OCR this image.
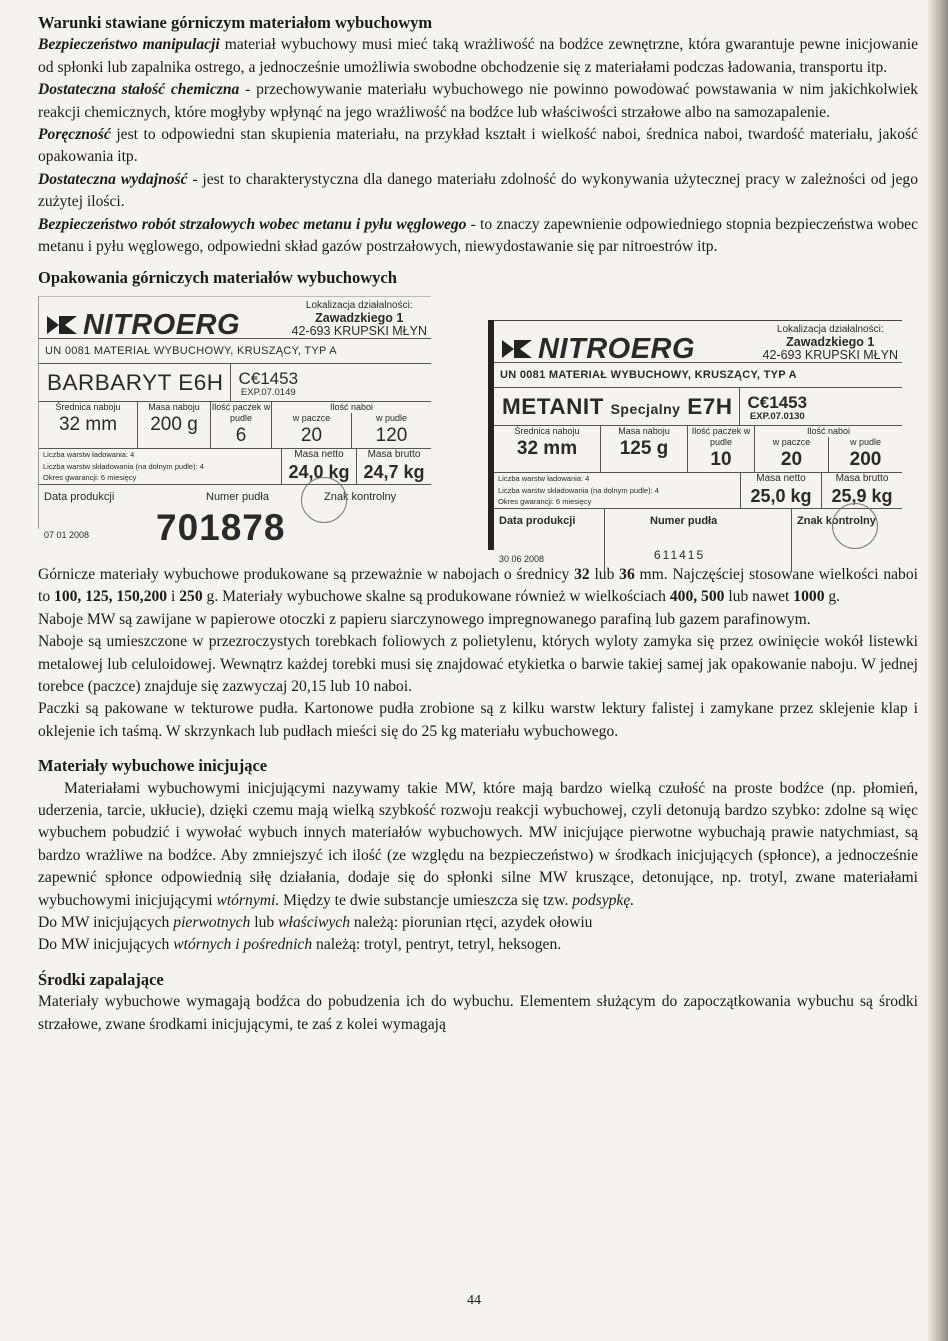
Warunki stawiane górniczym materiałom wybuchowym

Bezpieczeństwo manipulacji materiał wybuchowy musi mieć taką wrażliwość na bodźce zewnętrzne, która gwarantuje pewne inicjowanie od spłonki lub zapalnika ostrego, a jednocześnie umożliwia swobodne obchodzenie się z materiałami podczas ładowania, transportu itp.

Dostateczna stałość chemiczna - przechowywanie materiału wybuchowego nie powinno powodować powstawania w nim jakichkolwiek reakcji chemicznych, które mogłyby wpłynąć na jego wrażliwość na bodźce lub właściwości strzałowe albo na samozapalenie.

Poręczność jest to odpowiedni stan skupienia materiału, na przykład kształt i wielkość naboi, średnica naboi, twardość materiału, jakość opakowania itp.

Dostateczna wydajność - jest to charakterystyczna dla danego materiału zdolność do wykonywania użytecznej pracy w zależności od jego zużytej ilości.

Bezpieczeństwo robót strzałowych wobec metanu i pyłu węglowego - to znaczy zapewnienie odpowiedniego stopnia bezpieczeństwa wobec metanu i pyłu węglowego, odpowiedni skład gazów postrzałowych, niewydostawanie się par nitroestrów itp.

Opakowania górniczych materiałów wybuchowych

NITROERG
Lokalizacja działalności:
Zawadzkiego 1
42-693 KRUPSKI MŁYN
UN 0081 MATERIAŁ WYBUCHOWY, KRUSZĄCY, TYP A
BARBARYT E6H C€1453
EXP.07.0149
Średnica naboju
32 mm
Masa naboju
200 g
Ilość paczek w pudle
6
Ilość naboi
w paczce
20
w pudle
120
Liczba warstw ładowania: 4
Liczba warstw składowania (na dolnym pudle): 4
Okres gwarancji: 6 miesięcy
Masa netto
24,0 kg
Masa brutto
24,7 kg
Data produkcji
07 01 2008
Numer pudła
701878
Znak kontrolny
NITROERG
Lokalizacja działalności:
Zawadzkiego 1
42-693 KRUPSKI MŁYN
UN 0081 MATERIAŁ WYBUCHOWY, KRUSZĄCY, TYP A
METANIT Specjalny E7H C€1453
EXP.07.0130
Średnica naboju
32 mm
Masa naboju
125 g
Ilość paczek w pudle
10
Ilość naboi
w paczce
20
w pudle
200
Liczba warstw ładowania: 4
Liczba warstw składowania (na dolnym pudle): 4
Okres gwarancji: 6 miesięcy
Masa netto
25,0 kg
Masa brutto
25,9 kg
Data produkcji
30 06 2008
Numer pudła
611415
Znak kontrolny

Górnicze materiały wybuchowe produkowane są przeważnie w nabojach o średnicy 32 lub 36 mm. Najczęściej stosowane wielkości naboi to 100, 125, 150,200 i 250 g. Materiały wybuchowe skalne są produkowane również w wielkościach 400, 500 lub nawet 1000 g.

Naboje MW są zawijane w papierowe otoczki z papieru siarczynowego impregnowanego parafiną lub gazem parafinowym.

Naboje są umieszczone w przezroczystych torebkach foliowych z polietylenu, których wyloty zamyka się przez owinięcie wokół listewki metalowej lub celuloidowej. Wewnątrz każdej torebki musi się znajdować etykietka o barwie takiej samej jak opakowanie naboju. W jednej torebce (paczce) znajduje się zazwyczaj 20,15 lub 10 naboi.

Paczki są pakowane w tekturowe pudła. Kartonowe pudła zrobione są z kilku warstw lektury falistej i zamykane przez sklejenie klap i oklejenie ich taśmą. W skrzynkach lub pudłach mieści się do 25 kg materiału wybuchowego.

Materiały wybuchowe inicjujące

Materiałami wybuchowymi inicjującymi nazywamy takie MW, które mają bardzo wielką czułość na proste bodźce (np. płomień, uderzenia, tarcie, ukłucie), dzięki czemu mają wielką szybkość rozwoju reakcji wybuchowej, czyli detonują bardzo szybko: zdolne są więc wybuchem pobudzić i wywołać wybuch innych materiałów wybuchowych. MW inicjujące pierwotne wybuchają prawie natychmiast, są bardzo wrażliwe na bodźce. Aby zmniejszyć ich ilość (ze względu na bezpieczeństwo) w środkach inicjujących (spłonce), a jednocześnie zapewnić spłonce odpowiednią siłę działania, dodaje się do spłonki silne MW kruszące, detonujące, np. trotyl, zwane materiałami wybuchowymi inicjującymi wtórnymi. Między te dwie substancje umieszcza się tzw. podsypkę.

Do MW inicjujących pierwotnych lub właściwych należą: piorunian rtęci, azydek ołowiu

Do MW inicjujących wtórnych i pośrednich należą: trotyl, pentryt, tetryl, heksogen.

Środki zapalające

Materiały wybuchowe wymagają bodźca do pobudzenia ich do wybuchu. Elementem służącym do zapoczątkowania wybuchu są środki strzałowe, zwane środkami inicjującymi, te zaś z kolei wymagają

44
